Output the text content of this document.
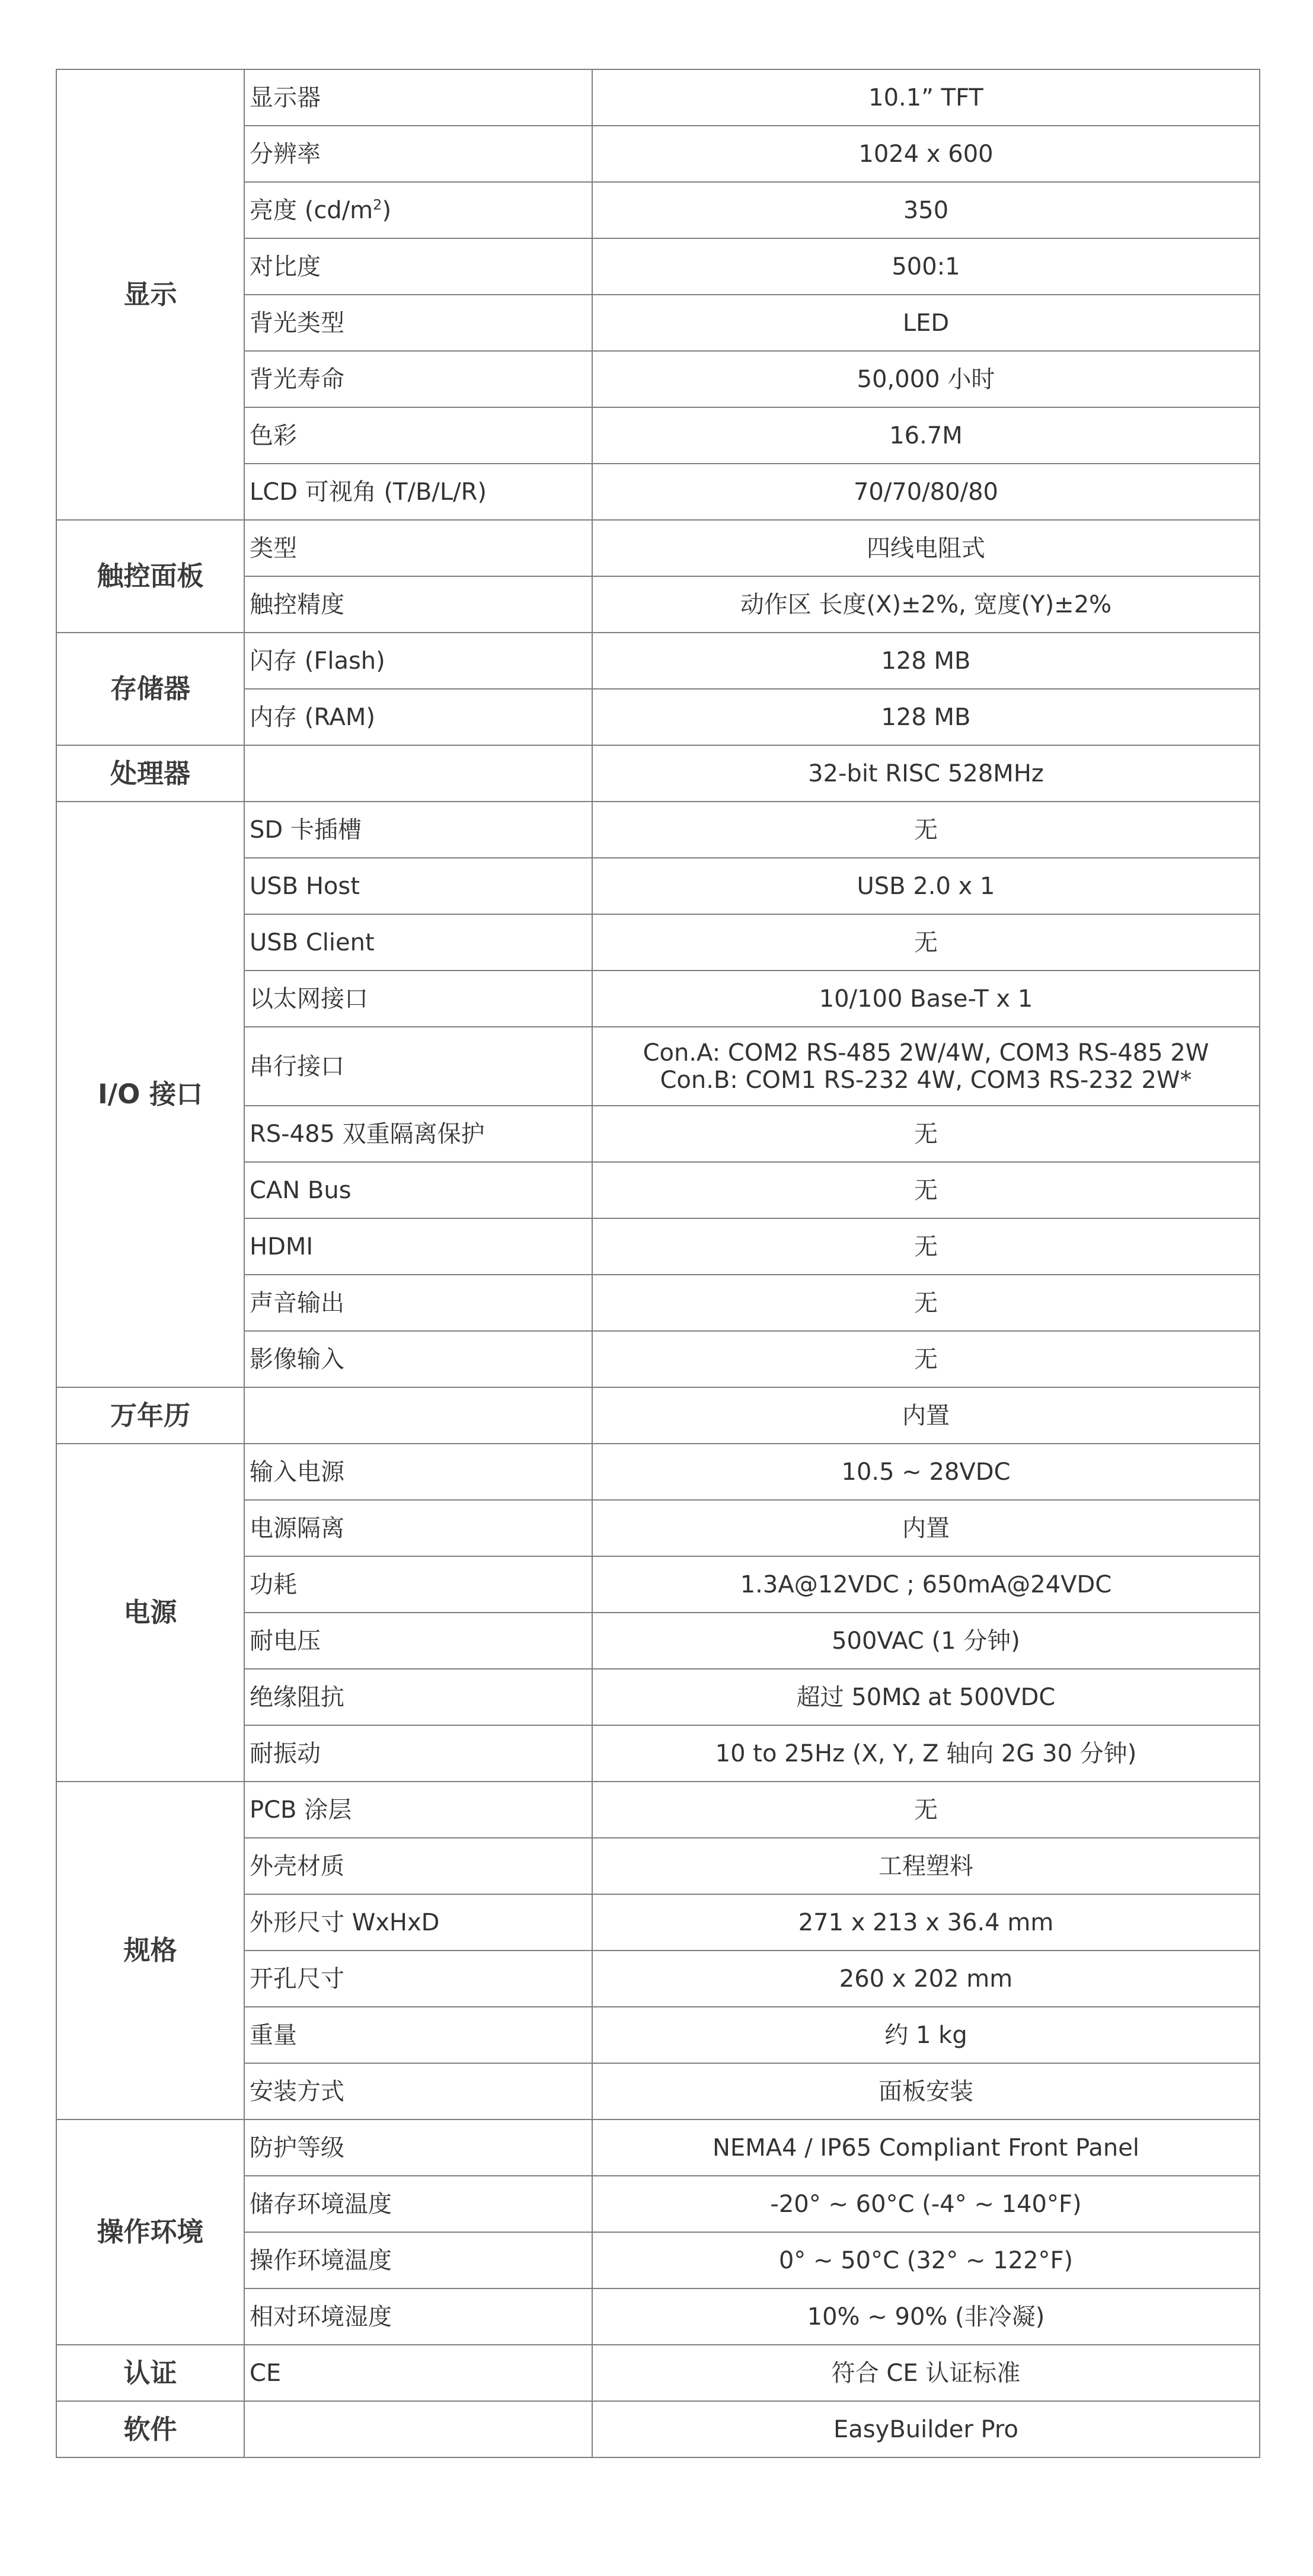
显示	显示器	10.1” TFT
	分辨率	1024 x 600
	亮度 $(cd/m^2)$	350
	对比度	500:1
	背光类型	LED
	背光寿命	50,000 小时
	色彩	16.7M
	LCD 可视角 (T/B/L/R)	70/70/80/80
触控面板	类型	四线电阻式
	触控精度	动作区 长度(X)±2%, 宽度(Y)±2%
存储器	闪存 (Flash)	128 MB
	内存 (RAM)	128 MB
处理器		32-bit RISC 528MHz
I/O 接口	SD 卡插槽	无
	USB Host	USB 2.0 x 1
	USB Client	无
	以太网接口	10/100 Base-T x 1
	串行接口	Con.A: COM2 RS-485 2W/4W, COM3 RS-485 2W
Con.B: COM1 RS-232 4W, COM3 RS-232 2W*

	RS-485 双重隔离保护	无
	CAN Bus	无
	HDMI	无
	声音输出	无
	影像输入	无
万年历		内置
电源	输入电源	10.5 ~ 28VDC
	电源隔离	内置
	功耗	1.3A@12VDC ; 650mA@24VDC
	耐电压	500VAC (1 分钟)
	绝缘阻抗	超过 50MΩ at 500VDC
	耐振动	10 to 25Hz (X, Y, Z 轴向 2G 30 分钟)
规格	PCB 涂层	无
	外壳材质	工程塑料
	外形尺寸 WxHxD	271 x 213 x 36.4 mm
	开孔尺寸	260 x 202 mm
	重量	约 1 kg
	安装方式	面板安装
操作环境	防护等级	NEMA4 / IP65 Compliant Front Panel
	储存环境温度	-20° ~ 60°C (-4° ~ 140°F)
	操作环境温度	0° ~ 50°C (32° ~ 122°F)
	相对环境湿度	10% ~ 90% (非冷凝)
认证	CE	符合 CE 认证标准
软件		EasyBuilder Pro
